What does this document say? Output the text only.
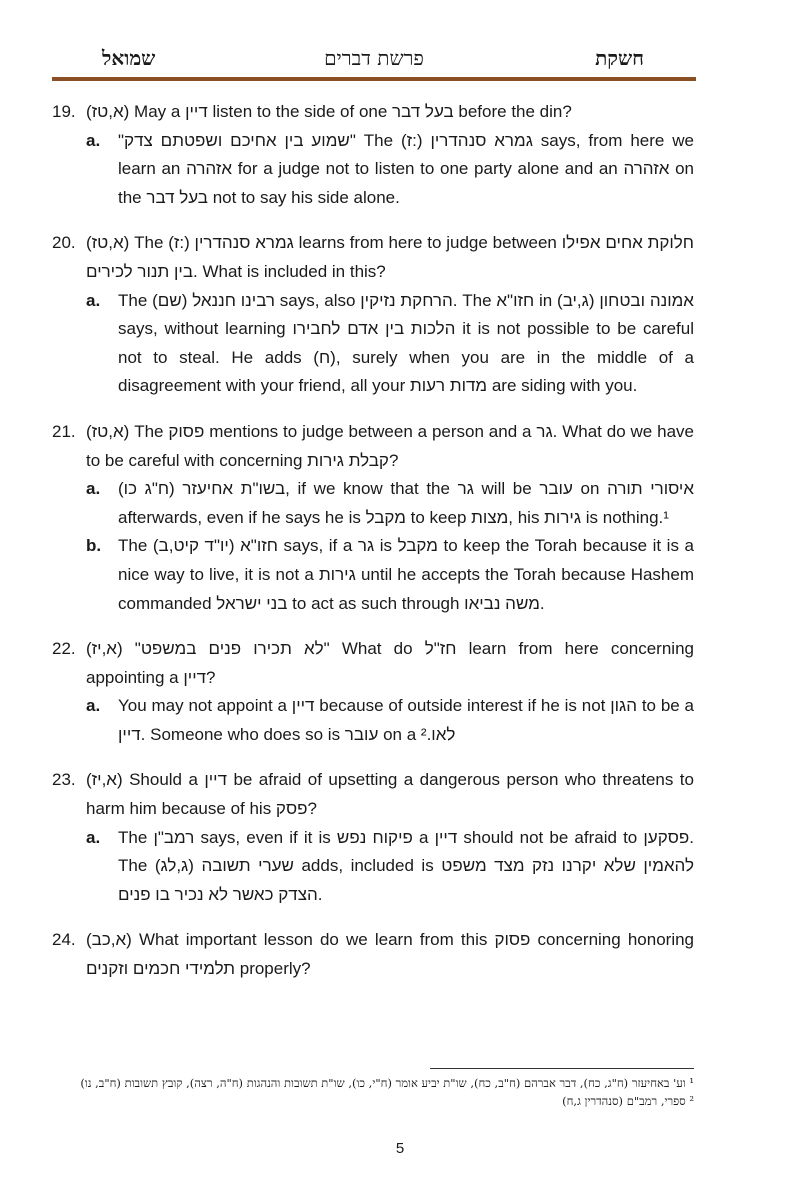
שמואל	פרשת דברים	חשקת
19. (א,טז) May a דיין listen to the side of one בעל דבר before the din?
a.	"שמוע בין אחיכם ושפטתם צדק" The (ז:) גמרא סנהדרין says, from here we learn an אזהרה for a judge not to listen to one party alone and an אזהרה on the בעל דבר not to say his side alone.
20. (א,טז) The (ז:) גמרא סנהדרין learns from here to judge between חלוקת אחים אפילו בין תנור לכירים. What is included in this?
a.	The (שם) רבינו חננאל says, also הרחקת נזיקין. The חזו"א in אמונה ובטחון (ג,יב) says, without learning הלכות בין אדם לחבירו it is not possible to be careful not to steal. He adds (ח), surely when you are in the middle of a disagreement with your friend, all your מדות רעות are siding with you.
21. (א,טז) The פסוק mentions to judge between a person and a גר. What do we have to be careful with concerning קבלת גירות?
a.	בשו"ת אחיעזר (ח"ג כו), if we know that the גר will be עובר on איסורי תורה afterwards, even if he says he is מקבל to keep מצות, his גירות is nothing.¹
b. The (יו"ד קיט,ב) חזו"א says, if a גר is מקבל to keep the Torah because it is a nice way to live, it is not a גירות until he accepts the Torah because Hashem commanded בני ישראל to act as such through משה נביאו.
22. (א,יז) "לא תכירו פנים במשפט" What do חז"ל learn from here concerning appointing a דיין?
a.	You may not appoint a דיין because of outside interest if he is not הגון to be a דיין. Someone who does so is עובר on a לאו.²
23. (א,יז) Should a דיין be afraid of upsetting a dangerous person who threatens to harm him because of his פסק?
a.	The רמב"ן says, even if it is פיקוח נפש a דיין should not be afraid to פסקען. The (ג,לג) שערי תשובה adds, included is להאמין שלא יקרנו נזק מצד משפט הצדק כאשר לא נכיר בו פנים.
24. (א,כב) What important lesson do we learn from this פסוק concerning honoring תלמידי חכמים וזקנים properly?
¹ וע' באחיעזר (ח"ג, כח), דבר אברהם (ח"ב, כח), שו"ת יביע אומר (ח"י, כו), שו"ת תשובות והנהגות (ח"ה, רצה), קובץ תשובות (ח"ב, נו)
² ספרי, רמב"ם (סנהדרין ג,ח)
5
